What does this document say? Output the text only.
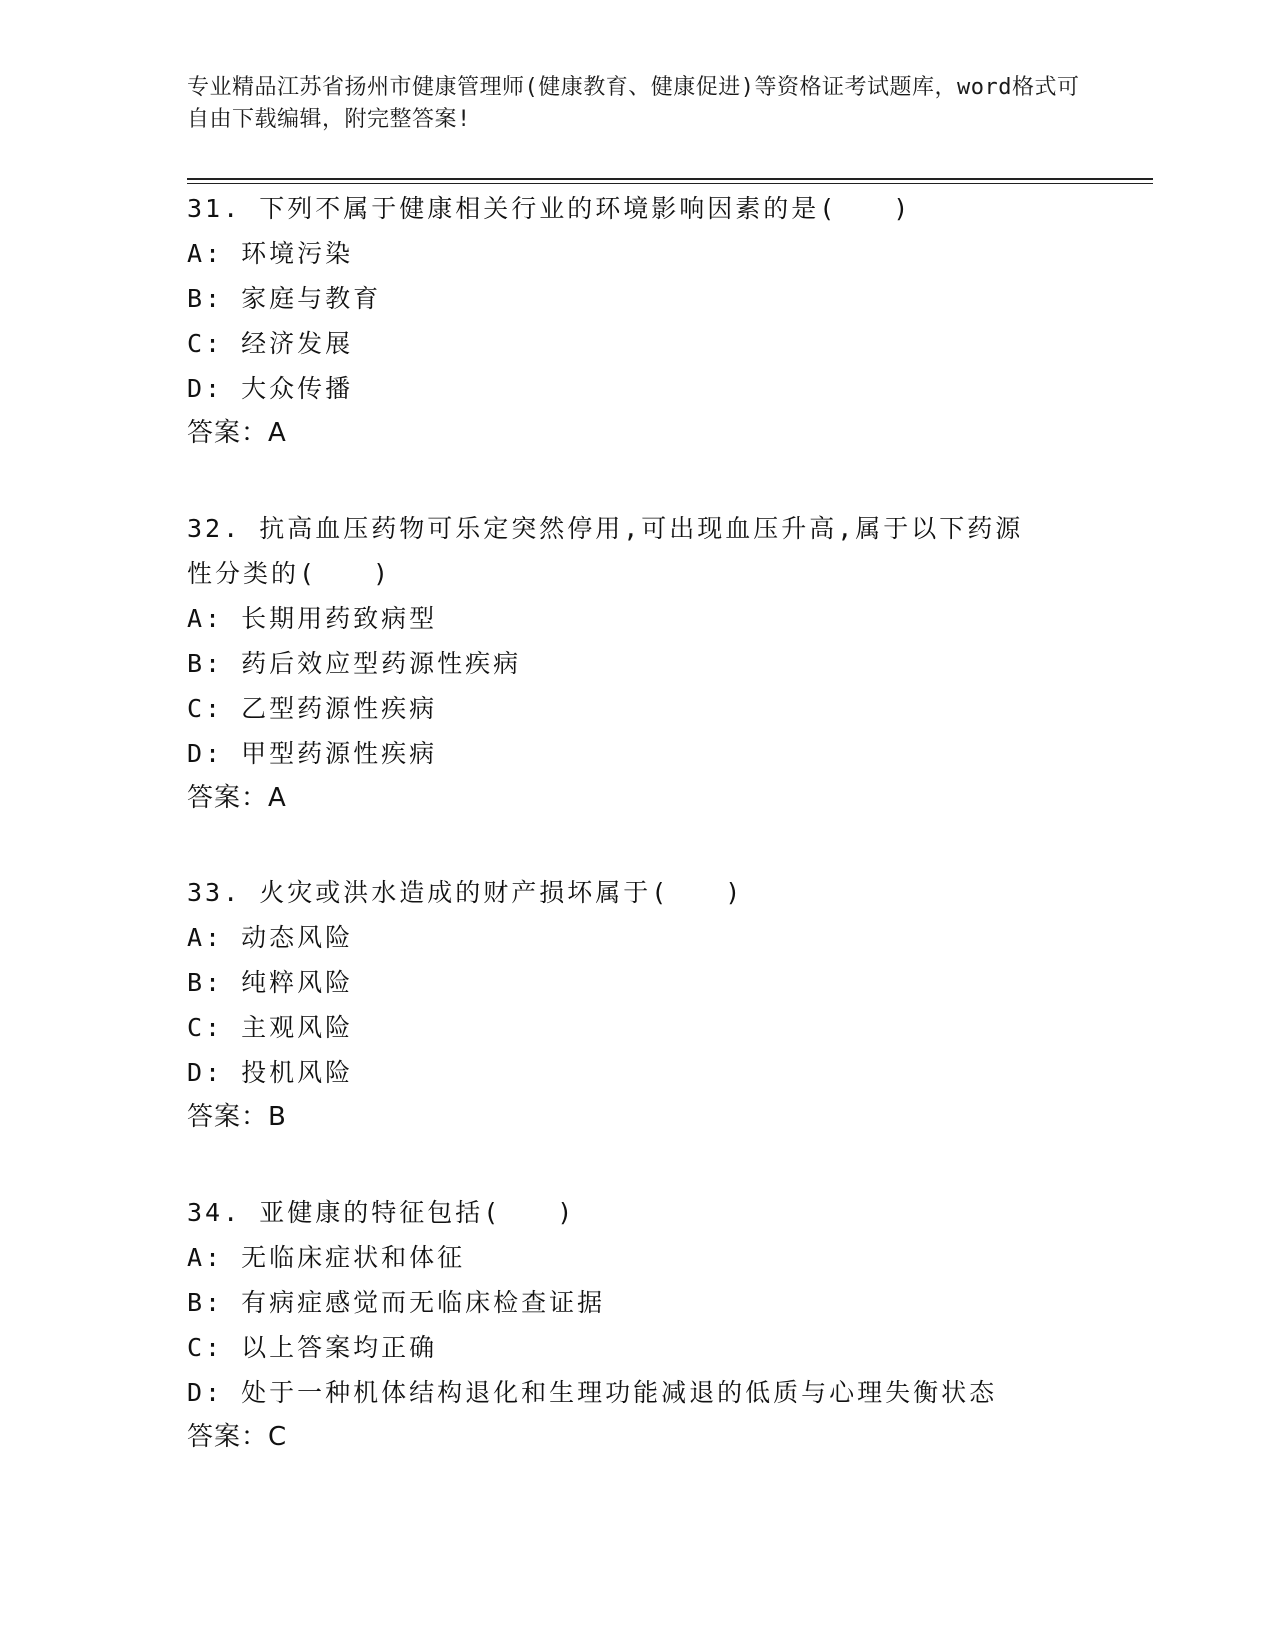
专业精品江苏省扬州市健康管理师(健康教育、健康促进)等资格证考试题库，word格式可自由下载编辑，附完整答案!
31. 下列不属于健康相关行业的环境影响因素的是(　　)
A: 环境污染
B: 家庭与教育
C: 经济发展
D: 大众传播
答案：A
32. 抗高血压药物可乐定突然停用,可出现血压升高,属于以下药源性分类的(　　)
A: 长期用药致病型
B: 药后效应型药源性疾病
C: 乙型药源性疾病
D: 甲型药源性疾病
答案：A
33. 火灾或洪水造成的财产损坏属于(　　)
A: 动态风险
B: 纯粹风险
C: 主观风险
D: 投机风险
答案：B
34. 亚健康的特征包括(　　)
A: 无临床症状和体征
B: 有病症感觉而无临床检查证据
C: 以上答案均正确
D: 处于一种机体结构退化和生理功能减退的低质与心理失衡状态
答案：C
